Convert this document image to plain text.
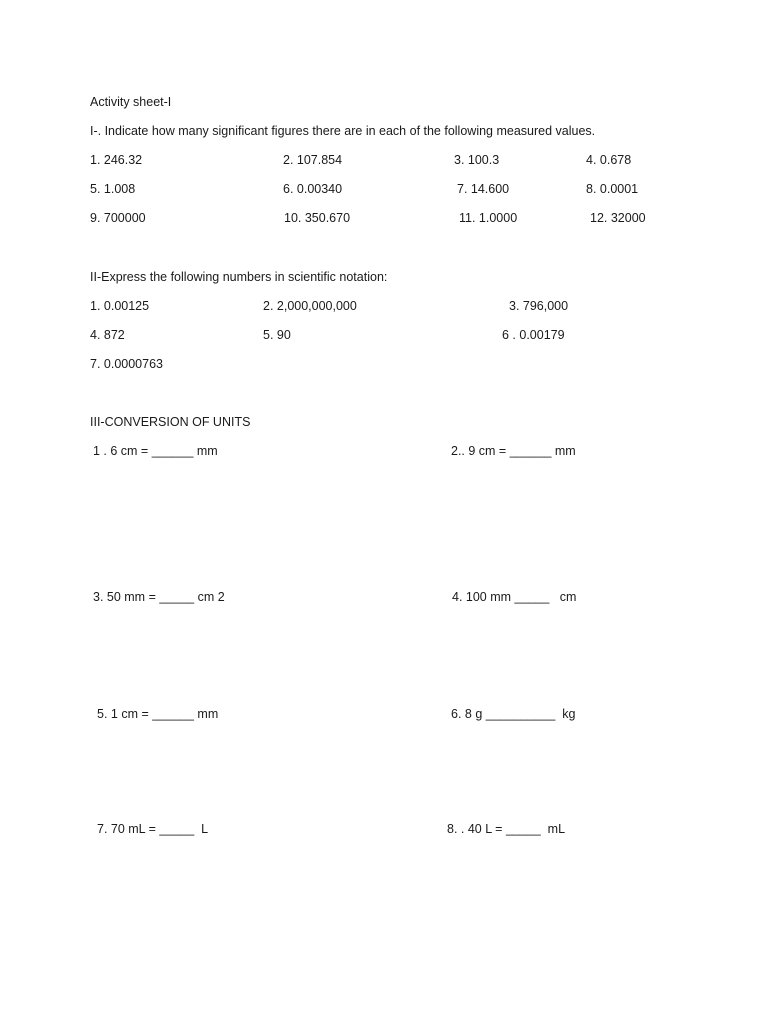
Activity sheet-I
I-. Indicate how many significant figures there are in each of the following measured values.
1. 246.32	2. 107.854	3. 100.3	4. 0.678
5. 1.008	6. 0.00340	7. 14.600	8. 0.0001
9. 700000	10. 350.670	11. 1.0000	12. 32000
II-Express the following numbers in scientific notation:
1. 0.00125	2. 2,000,000,000	3. 796,000
4. 872	5. 90	6 . 0.00179
7. 0.0000763
III-CONVERSION OF UNITS
1 . 6 cm = ______ mm	2.. 9 cm = ______ mm
3. 50 mm = _____ cm 2	4. 100 mm _____   cm
5. 1 cm = ______ mm	6. 8 g __________  kg
7. 70 mL = _____  L	8. . 40 L = _____  mL
